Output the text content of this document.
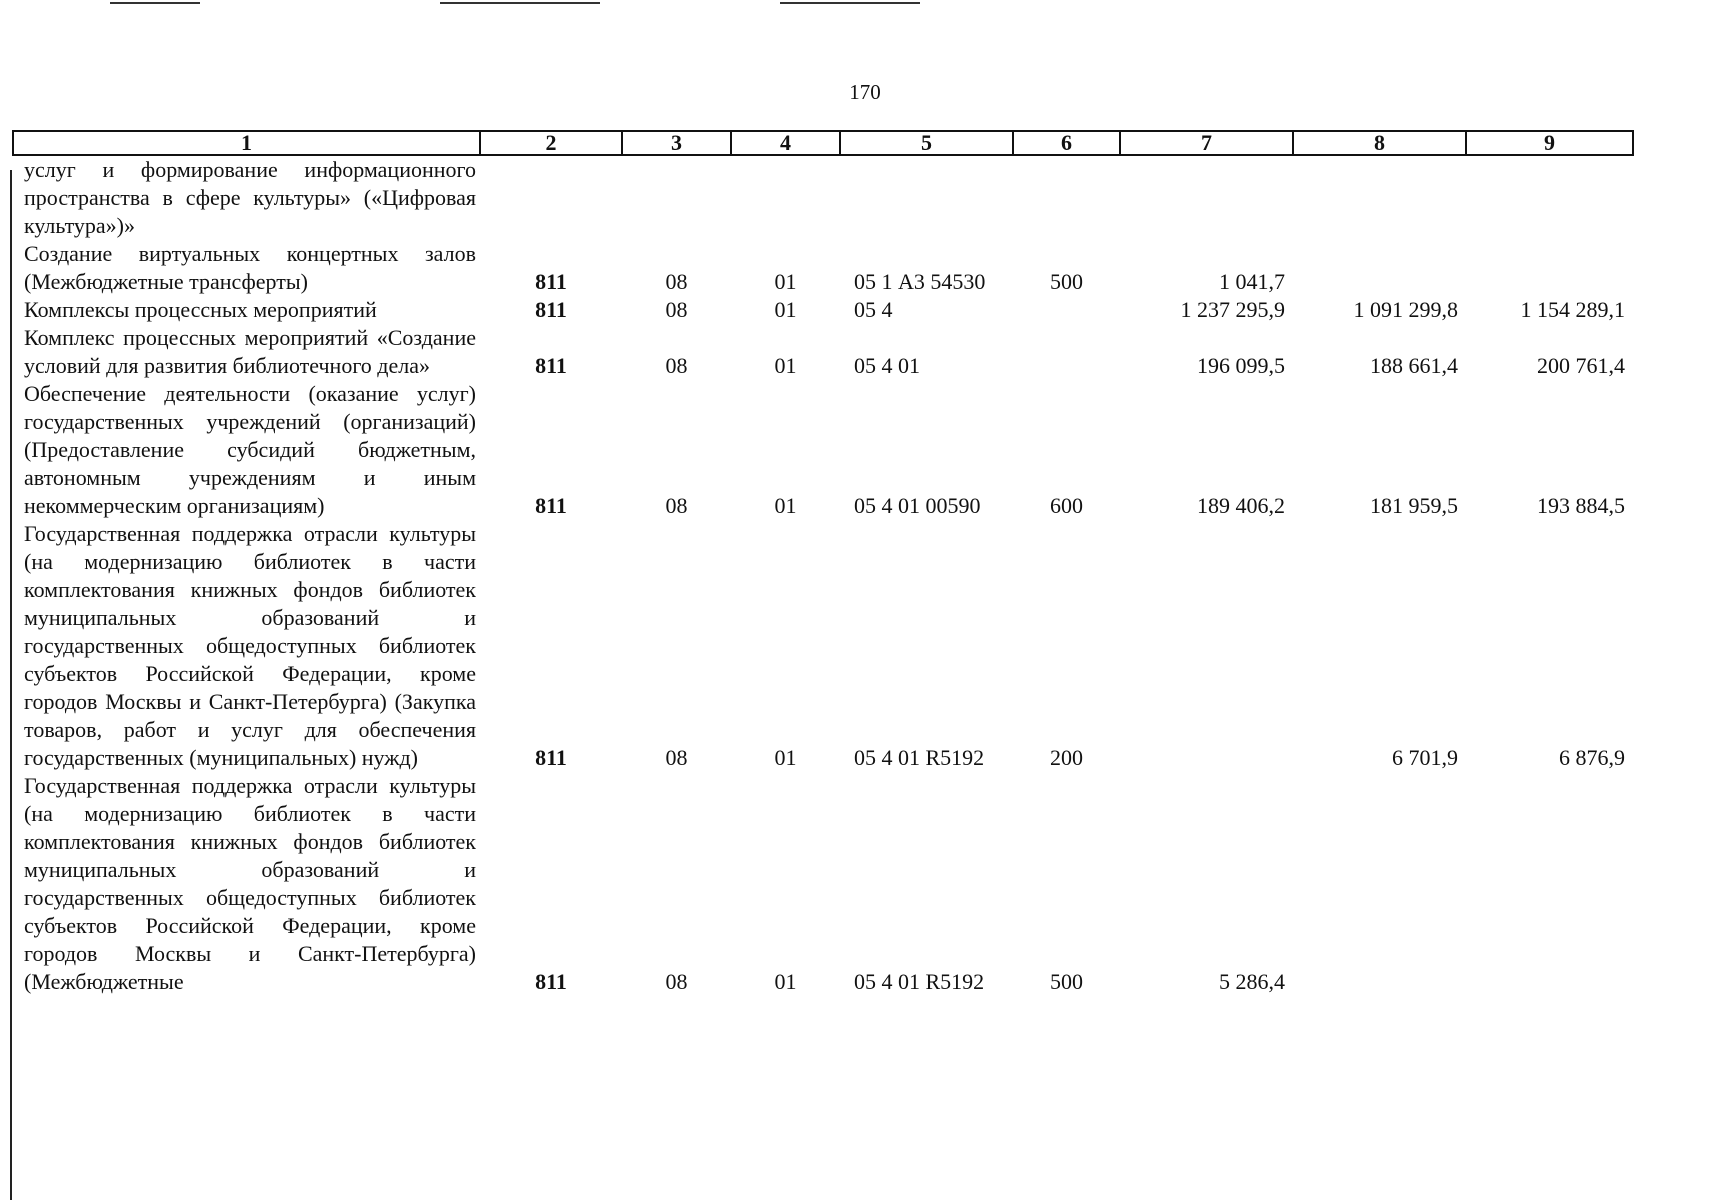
170
1	2	3	4	5	6	7	8	9
услуг и формирование информационного пространства в сфере культуры» («Цифровая культура»)»								
Создание виртуальных концертных залов (Межбюджетные трансферты)	811	08	01	05 1 А3 54530	500	1 041,7		
Комплексы процессных мероприятий	811	08	01	05 4		1 237 295,9	1 091 299,8	1 154 289,1
Комплекс процессных мероприятий «Создание условий для развития библиотечного дела»	811	08	01	05 4 01		196 099,5	188 661,4	200 761,4
Обеспечение деятельности (оказание услуг) государственных учреждений (организаций) (Предоставление субсидий бюджетным, автономным учреждениям и иным некоммерческим организациям)	811	08	01	05 4 01 00590	600	189 406,2	181 959,5	193 884,5
Государственная поддержка отрасли культуры (на модернизацию библиотек в части комплектования книжных фондов библиотек муниципальных образований и государственных общедоступных библиотек субъектов Российской Федерации, кроме городов Москвы и Санкт-Петербурга) (Закупка товаров, работ и услуг для обеспечения государственных (муниципальных) нужд)	811	08	01	05 4 01 R5192	200		6 701,9	6 876,9
Государственная поддержка отрасли культуры (на модернизацию библиотек в части комплектования книжных фондов библиотек муниципальных образований и государственных общедоступных библиотек субъектов Российской Федерации, кроме городов Москвы и Санкт-Петербурга) (Межбюджетные	811	08	01	05 4 01 R5192	500	5 286,4		
